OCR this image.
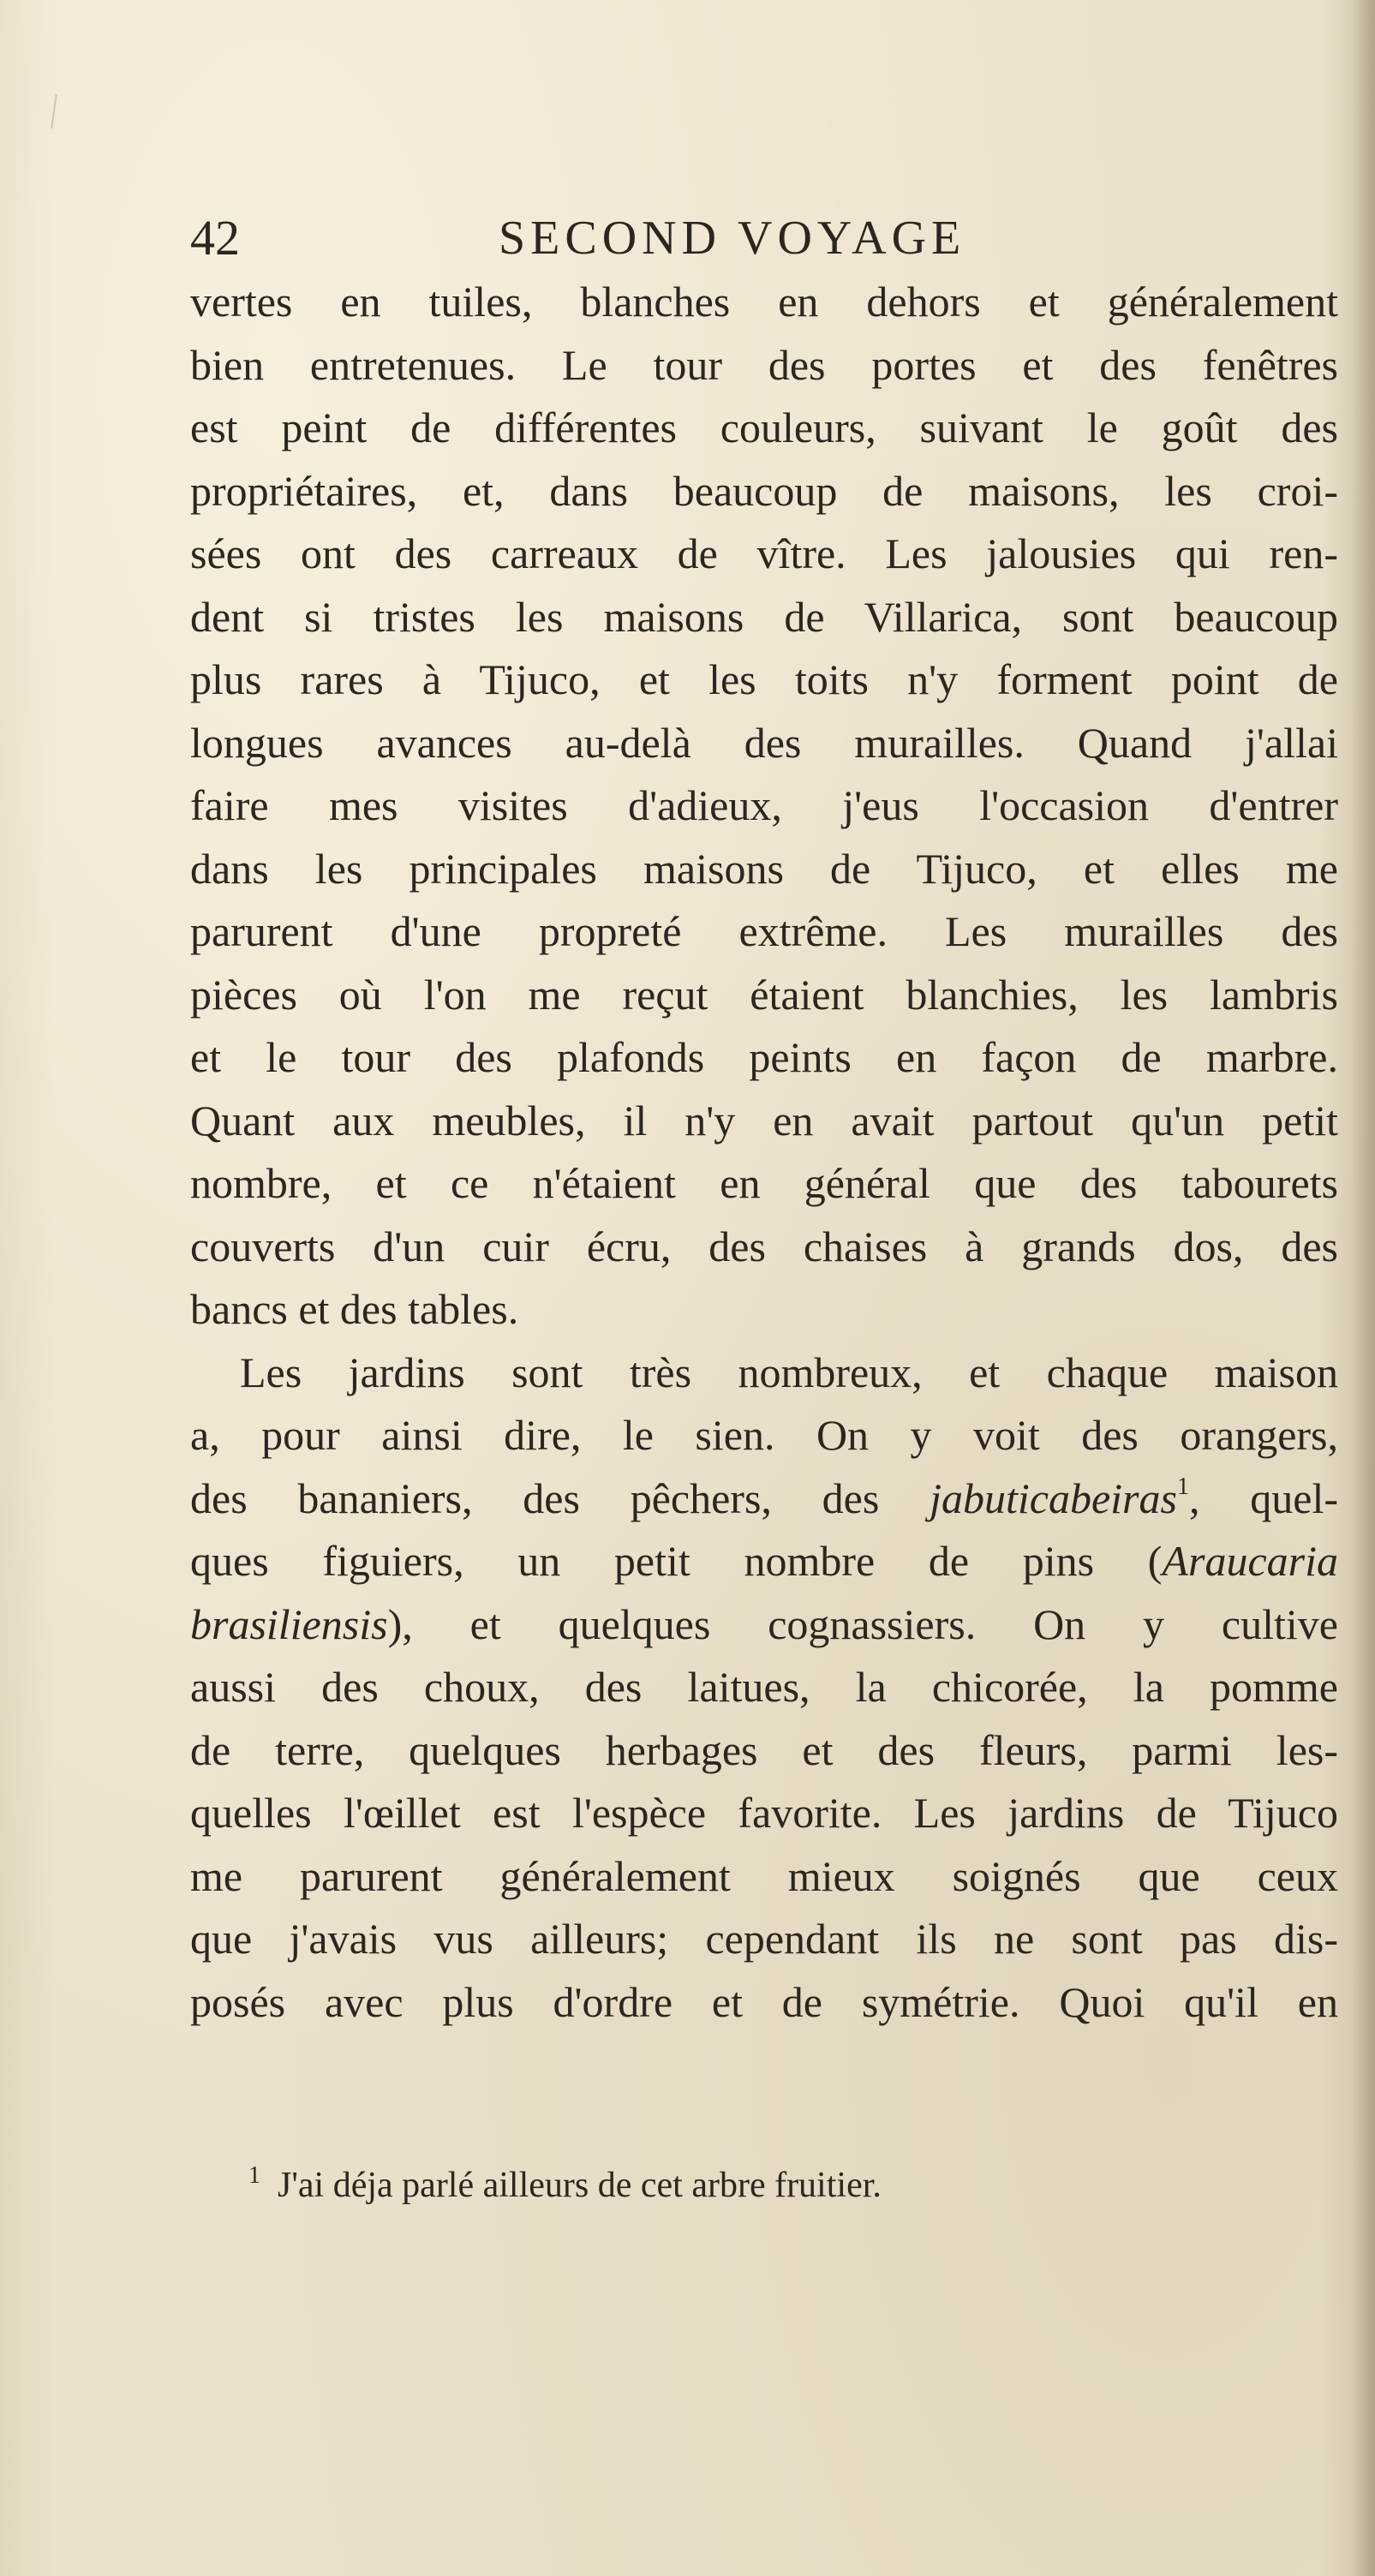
42	SECOND VOYAGE
vertes en tuiles, blanches en dehors et généralement
bien entretenues. Le tour des portes et des fenêtres
est peint de différentes couleurs, suivant le goût des
propriétaires, et, dans beaucoup de maisons, les croi-
sées ont des carreaux de vître. Les jalousies qui ren-
dent si tristes les maisons de Villarica, sont beaucoup
plus rares à Tijuco, et les toits n'y forment point de
longues avances au-delà des murailles. Quand j'allai
faire mes visites d'adieux, j'eus l'occasion d'entrer
dans les principales maisons de Tijuco, et elles me
parurent d'une propreté extrême. Les murailles des
pièces où l'on me reçut étaient blanchies, les lambris
et le tour des plafonds peints en façon de marbre.
Quant aux meubles, il n'y en avait partout qu'un petit
nombre, et ce n'étaient en général que des tabourets
couverts d'un cuir écru, des chaises à grands dos, des
bancs et des tables.
Les jardins sont très nombreux, et chaque maison
a, pour ainsi dire, le sien. On y voit des orangers,
des bananiers, des pêchers, des jabuticabeiras$^1$, quel-
ques figuiers, un petit nombre de pins (Araucaria
brasiliensis), et quelques cognassiers. On y cultive
aussi des choux, des laitues, la chicorée, la pomme
de terre, quelques herbages et des fleurs, parmi les-
quelles l'œillet est l'espèce favorite. Les jardins de Tijuco
me parurent généralement mieux soignés que ceux
que j'avais vus ailleurs; cependant ils ne sont pas dis-
posés avec plus d'ordre et de symétrie. Quoi qu'il en
$^1$ J'ai déja parlé ailleurs de cet arbre fruitier.
